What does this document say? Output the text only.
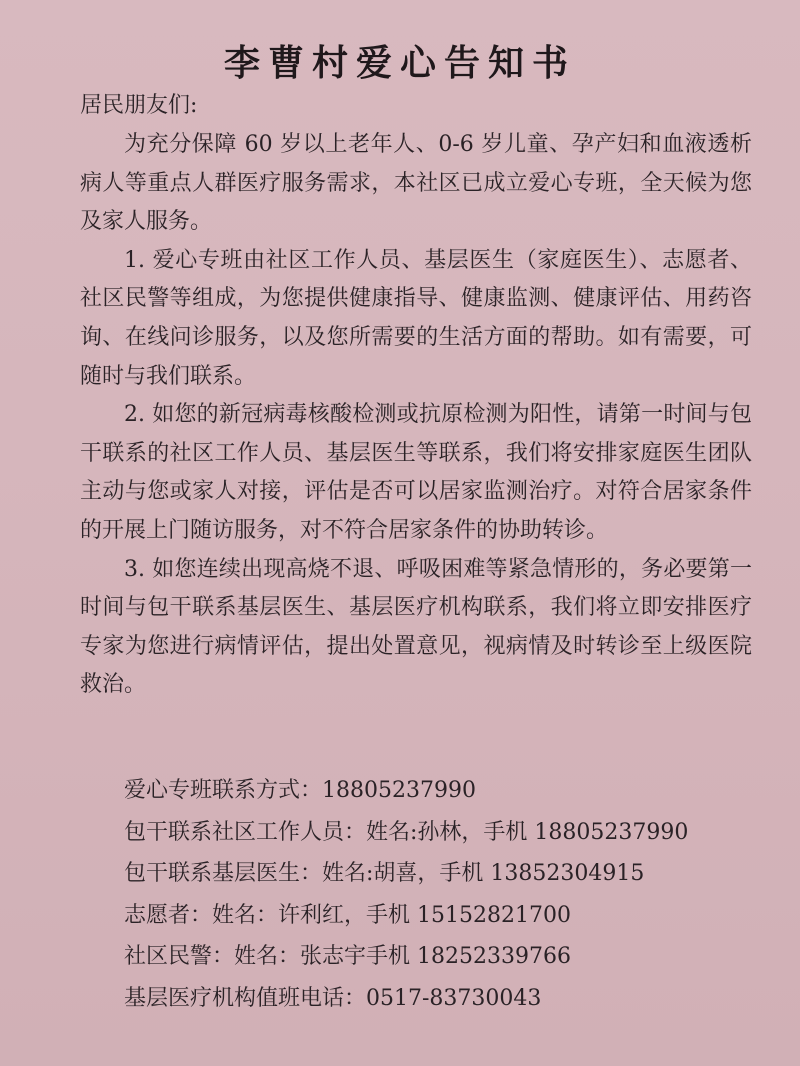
李曹村爱心告知书
居民朋友们:

为充分保障 60 岁以上老年人、0-6 岁儿童、孕产妇和血液透析病人等重点人群医疗服务需求，本社区已成立爱心专班，全天候为您及家人服务。

1. 爱心专班由社区工作人员、基层医生（家庭医生）、志愿者、社区民警等组成，为您提供健康指导、健康监测、健康评估、用药咨询、在线问诊服务，以及您所需要的生活方面的帮助。如有需要，可随时与我们联系。

2. 如您的新冠病毒核酸检测或抗原检测为阳性，请第一时间与包干联系的社区工作人员、基层医生等联系，我们将安排家庭医生团队主动与您或家人对接，评估是否可以居家监测治疗。对符合居家条件的开展上门随访服务，对不符合居家条件的协助转诊。

3. 如您连续出现高烧不退、呼吸困难等紧急情形的，务必要第一时间与包干联系基层医生、基层医疗机构联系，我们将立即安排医疗专家为您进行病情评估，提出处置意见，视病情及时转诊至上级医院救治。

爱心专班联系方式：18805237990
包干联系社区工作人员：姓名:孙林，手机 18805237990
包干联系基层医生：姓名:胡喜，手机 13852304915
志愿者：姓名：许利红，手机 15152821700
社区民警：姓名：张志宇手机 18252339766
基层医疗机构值班电话：0517-83730043
